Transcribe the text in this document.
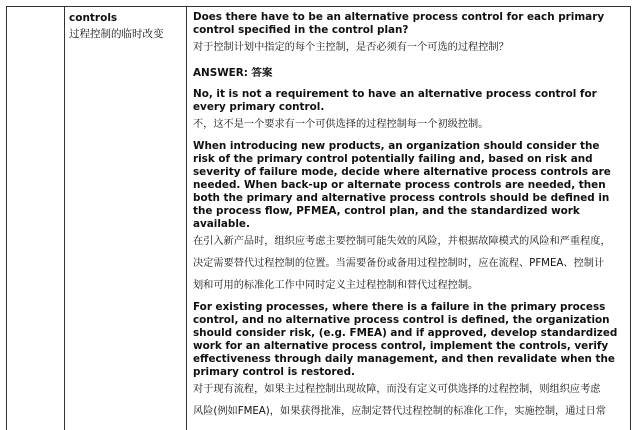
controls
过程控制的临时改变

Does there have to be an alternative process control for each primary control specified in the control plan?

对于控制计划中指定的每个主控制，是否必须有一个可选的过程控制？

ANSWER: 答案

No, it is not a requirement to have an alternative process control for every primary control.

不，这不是一个要求有一个可供选择的过程控制每一个初级控制。

When introducing new products, an organization should consider the risk of the primary control potentially failing and, based on risk and severity of failure mode, decide where alternative process controls are needed. When back-up or alternate process controls are needed, then both the primary and alternative process controls should be defined in the process flow, PFMEA, control plan, and the standardized work available.

在引入新产品时，组织应考虑主要控制可能失效的风险，并根据故障模式的风险和严重程度，

决定需要替代过程控制的位置。当需要备份或备用过程控制时，应在流程、PFMEA、控制计

划和可用的标准化工作中同时定义主过程控制和替代过程控制。

For existing processes, where there is a failure in the primary process control, and no alternative process control is defined, the organization should consider risk, (e.g. FMEA) and if approved, develop standardized work for an alternative process control, implement the controls, verify effectiveness through daily management, and then revalidate when the primary control is restored.

对于现有流程，如果主过程控制出现故障，而没有定义可供选择的过程控制，则组织应考虑

风险(例如FMEA)，如果获得批准，应制定替代过程控制的标准化工作，实施控制，通过日常
